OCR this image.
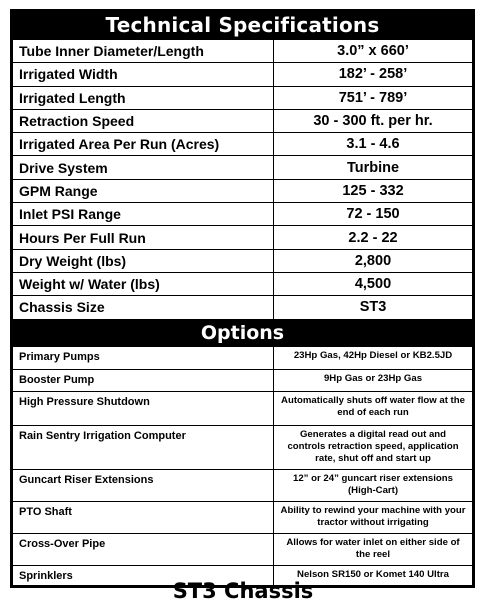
Technical Specifications
Tube Inner Diameter/Length	3.0” x 660’
Irrigated Width	182’ - 258’
Irrigated Length	751’ - 789’
Retraction Speed	30 - 300 ft. per hr.
Irrigated Area Per Run (Acres)	3.1 - 4.6
Drive System	Turbine
GPM Range	125 - 332
Inlet PSI Range	72 - 150
Hours Per Full Run	2.2 - 22
Dry Weight (lbs)	2,800
Weight w/ Water (lbs)	4,500
Chassis Size	ST3
Options
Primary Pumps	23Hp Gas, 42Hp Diesel or KB2.5JD
Booster Pump	9Hp Gas or 23Hp Gas
High Pressure Shutdown	Automatically shuts off water flow at the end of each run
Rain Sentry Irrigation Computer	Generates a digital read out and controls retraction speed, application rate, shut off and start up
Guncart Riser Extensions	12” or 24” guncart riser extensions (High-Cart)
PTO Shaft	Ability to rewind your machine with your tractor without irrigating
Cross-Over Pipe	Allows for water inlet on either side of the reel
Sprinklers	Nelson SR150 or Komet 140 Ultra
ST3 Chassis
